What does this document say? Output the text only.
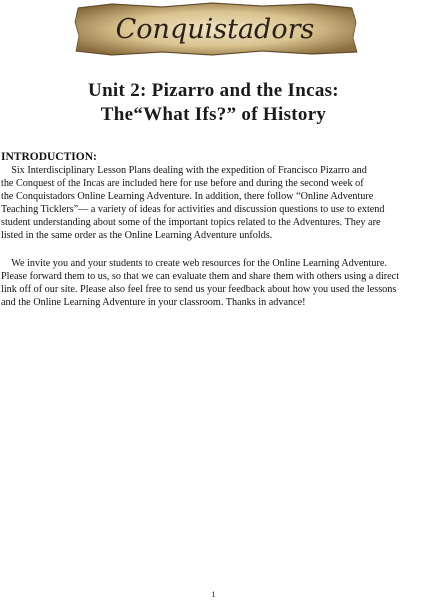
Conquistadors
Unit 2: Pizarro and the Incas:
The“What Ifs?” of History
INTRODUCTION:

Six Interdisciplinary Lesson Plans dealing with the expedition of Francisco Pizarro and
the Conquest of the Incas are included here for use before and during the second week of
the Conquistadors Online Learning Adventure. In addition, there follow “Online Adventure
Teaching Ticklers”— a variety of ideas for activities and discussion questions to use to extend
student understanding about some of the important topics related to the Adventures. They are
listed in the same order as the Online Learning Adventure unfolds.

We invite you and your students to create web resources for the Online Learning Adventure.
Please forward them to us, so that we can evaluate them and share them with others using a direct
link off of our site. Please also feel free to send us your feedback about how you used the lessons
and the Online Learning Adventure in your classroom. Thanks in advance!

1
